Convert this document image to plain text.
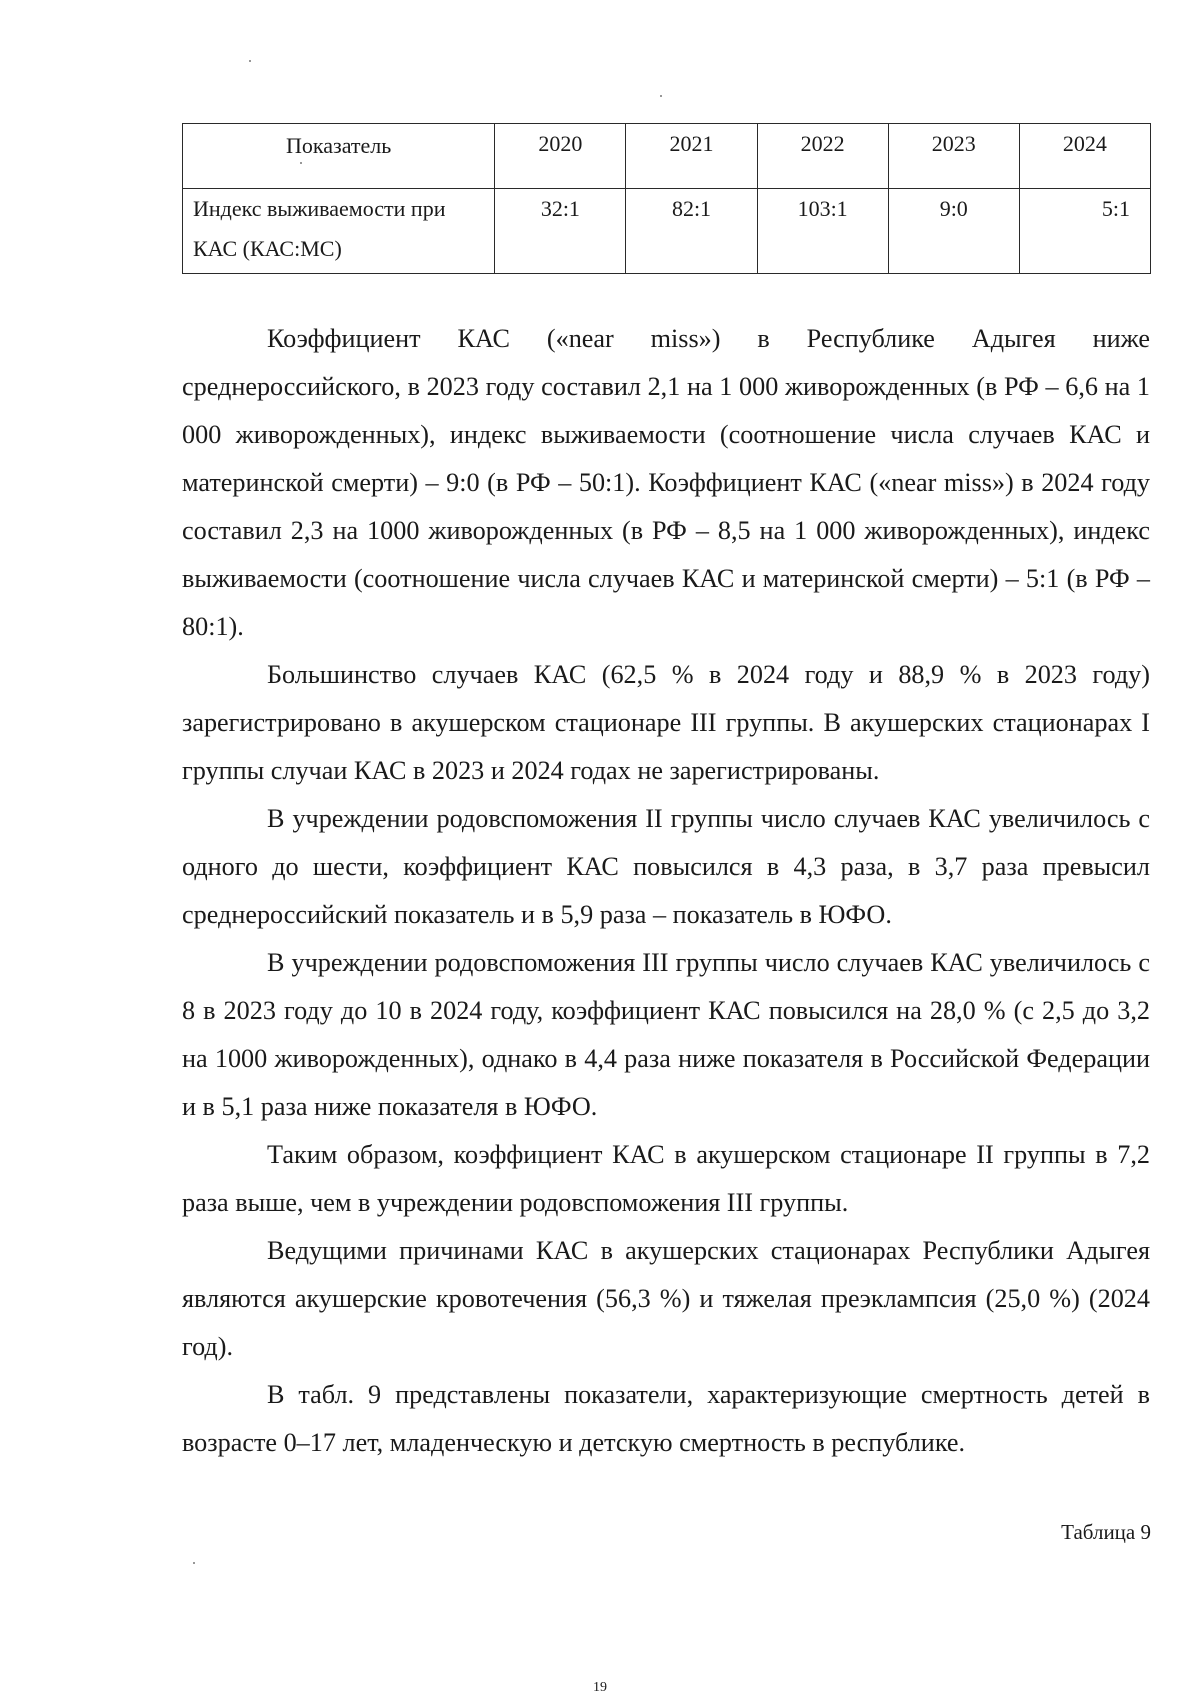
Показатель	2020	2021	2022	2023	2024
Индекс выживаемости при КАС (КАС:МС)	32:1	82:1	103:1	9:0	5:1

Коэффициент КАС («near miss») в Республике Адыгея ниже среднероссийского, в 2023 году составил 2,1 на 1 000 живорожденных (в РФ – 6,6 на 1 000 живорожденных), индекс выживаемости (соотношение числа случаев КАС и материнской смерти) – 9:0 (в РФ – 50:1). Коэффициент КАС («near miss») в 2024 году составил 2,3 на 1000 живорожденных (в РФ – 8,5 на 1 000 живорожденных), индекс выживаемости (соотношение числа случаев КАС и материнской смерти) – 5:1 (в РФ – 80:1).

Большинство случаев КАС (62,5 % в 2024 году и 88,9 % в 2023 году) зарегистрировано в акушерском стационаре III группы. В акушерских стационарах I группы случаи КАС в 2023 и 2024 годах не зарегистрированы.

В учреждении родовспоможения II группы число случаев КАС увеличилось с одного до шести, коэффициент КАС повысился в 4,3 раза, в 3,7 раза превысил среднероссийский показатель и в 5,9 раза – показатель в ЮФО.

В учреждении родовспоможения III группы число случаев КАС увеличилось с 8 в 2023 году до 10 в 2024 году, коэффициент КАС повысился на 28,0 % (с 2,5 до 3,2 на 1000 живорожденных), однако в 4,4 раза ниже показателя в Российской Федерации и в 5,1 раза ниже показателя в ЮФО.

Таким образом, коэффициент КАС в акушерском стационаре II группы в 7,2 раза выше, чем в учреждении родовспоможения III группы.

Ведущими причинами КАС в акушерских стационарах Республики Адыгея являются акушерские кровотечения (56,3 %) и тяжелая преэклампсия (25,0 %) (2024 год).

В табл. 9 представлены показатели, характеризующие смертность детей в возрасте 0–17 лет, младенческую и детскую смертность в республике.

Таблица 9
19
